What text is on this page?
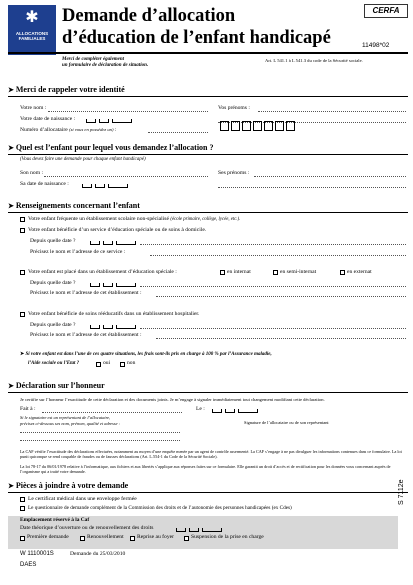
✱
ALLOCATIONS FAMILIALES
Demande d’allocation
d’éducation de l’enfant handicapé
CERFA
11498*02
Merci de compléter également
un formulaire de déclaration de situation.
Art. L 541.1 à L 541.3 du code de la Sécurité sociale.
➤ Merci de rappeler votre identité
Votre nom :	Vos prénoms :
Votre date de naissance :
Numéro d’allocataire (si vous en possédez un) :
➤ Quel est l’enfant pour lequel vous demandez l’allocation ?
(Vous devez faire une demande pour chaque enfant handicapé)
Son nom :	Ses prénoms :
Sa date de naissance :
➤ Renseignements concernant l’enfant
Votre enfant fréquente un établissement scolaire non-spécialisé (école primaire, collège, lycée, etc.).
Votre enfant bénéficie d’un service d’éducation spéciale ou de soins à domicile.
Depuis quelle date ?
Précisez le nom et l’adresse de ce service :
Votre enfant est placé dans un établissement d’éducation spéciale :	en internat	en semi-internat	en externat
Depuis quelle date ?
Précisez le nom et l’adresse de cet établissement :
Votre enfant bénéficie de soins rééducatifs dans un établissement hospitalier.
Depuis quelle date ?
Précisez le nom et l’adresse de cet établissement :
➤ Si votre enfant est dans l’une de ces quatre situations, les frais sont-ils pris en charge à 100 % par l’Assurance maladie,
l’Aide sociale ou l’Etat ?	oui	non
➤ Déclaration sur l’honneur
Je certifie sur l’honneur l’exactitude de cette déclaration et des documents joints. Je m’engage à signaler immédiatement tout changement modifiant cette déclaration.
Fait à :	Le :
Si le signataire est un représentant de l’allocataire,
précisez ci-dessous ses nom, prénom, qualité et adresse :	Signature de l’allocataire ou de son représentant
La CAF vérifie l’exactitude des déclarations effectuées, notamment au moyen d’une enquête menée par un agent de contrôle assermenté. La CAF s’engage à ne pas divulguer les informations contenues dans ce formulaire. La loi punit quiconque se rend coupable de fraudes ou de fausses déclarations (Art. L.554-1 du Code de la Sécurité Sociale).
La loi 78-17 du 06/01/1978 relative à l’informatique, aux fichiers et aux libertés s’applique aux réponses faites sur ce formulaire. Elle garantit un droit d’accès et de rectification pour les données vous concernant auprès de l’organisme qui a traité votre demande.
➤ Pièces à joindre à votre demande
Le certificat médical dans une enveloppe fermée
Le questionnaire de demande complément de la Commission des droits et de l’autonomie des personnes handicapées (ex Cdes)
S 7112e
Emplacement réservé à la Caf
Date théorique d’ouverture ou de renouvellement des droits
Première demande	Renouvellement Reprise au foyer	Suspension de la prise en charge
W 1110001S	Demande du 25/03/2010
DAES
